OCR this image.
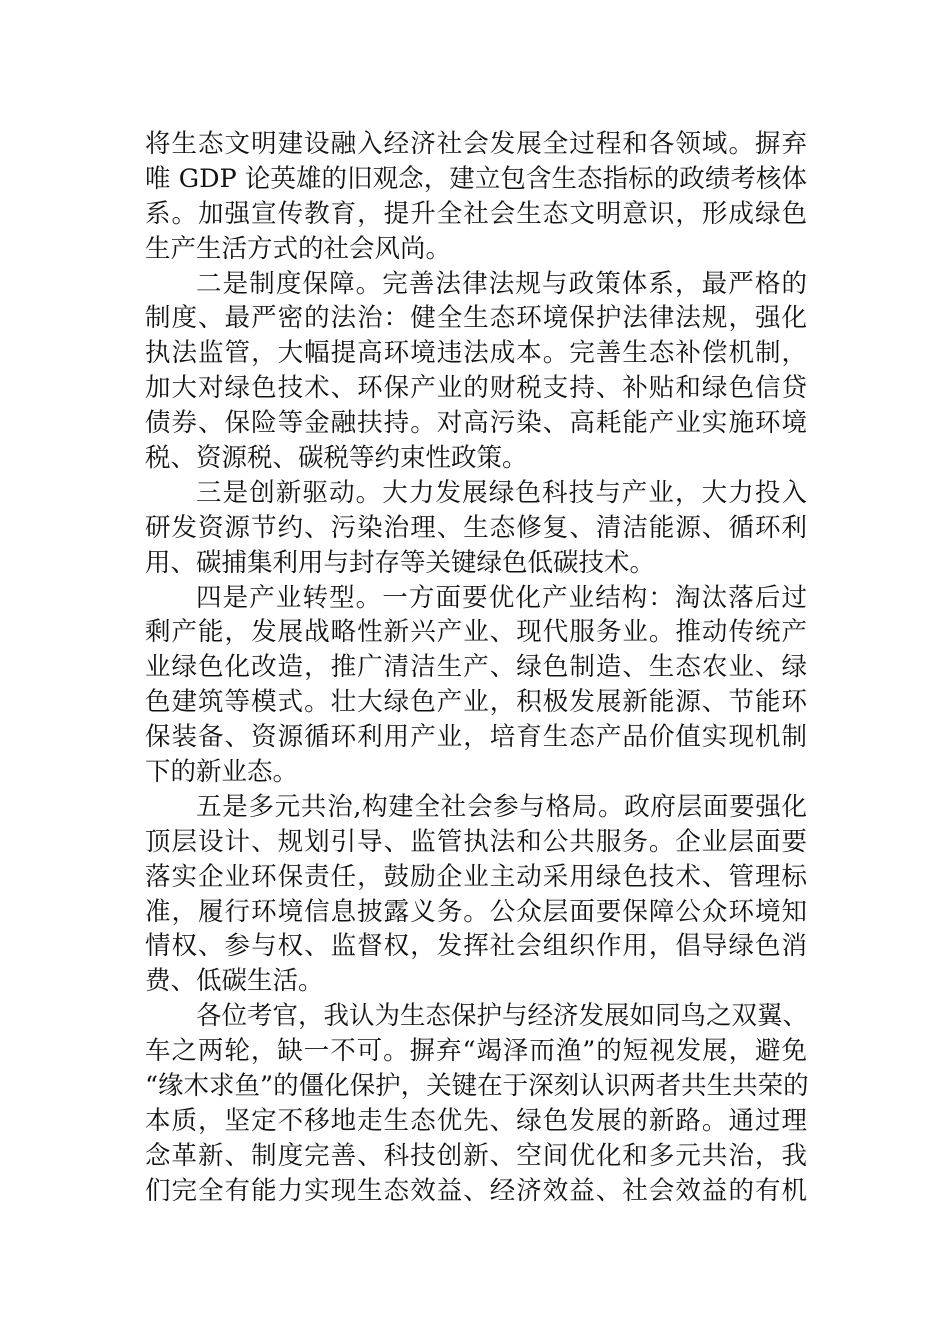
将生态文明建设融入经济社会发展全过程和各领域。摒弃
唯 GDP 论英雄的旧观念，建立包含生态指标的政绩考核体
系。加强宣传教育，提升全社会生态文明意识，形成绿色
生产生活方式的社会风尚。
二是制度保障。完善法律法规与政策体系，最严格的
制度、最严密的法治：健全生态环境保护法律法规，强化
执法监管，大幅提高环境违法成本。完善生态补偿机制，
加大对绿色技术、环保产业的财税支持、补贴和绿色信贷
债券、保险等金融扶持。对高污染、高耗能产业实施环境
税、资源税、碳税等约束性政策。
三是创新驱动。大力发展绿色科技与产业，大力投入
研发资源节约、污染治理、生态修复、清洁能源、循环利
用、碳捕集利用与封存等关键绿色低碳技术。
四是产业转型。一方面要优化产业结构：淘汰落后过
剩产能，发展战略性新兴产业、现代服务业。推动传统产
业绿色化改造，推广清洁生产、绿色制造、生态农业、绿
色建筑等模式。壮大绿色产业，积极发展新能源、节能环
保装备、资源循环利用产业，培育生态产品价值实现机制
下的新业态。
五是多元共治,构建全社会参与格局。政府层面要强化
顶层设计、规划引导、监管执法和公共服务。企业层面要
落实企业环保责任，鼓励企业主动采用绿色技术、管理标
准，履行环境信息披露义务。公众层面要保障公众环境知
情权、参与权、监督权，发挥社会组织作用，倡导绿色消
费、低碳生活。
各位考官，我认为生态保护与经济发展如同鸟之双翼、
车之两轮，缺一不可。摒弃“竭泽而渔”的短视发展，避免
“缘木求鱼”的僵化保护，关键在于深刻认识两者共生共荣的
本质，坚定不移地走生态优先、绿色发展的新路。通过理
念革新、制度完善、科技创新、空间优化和多元共治，我
们完全有能力实现生态效益、经济效益、社会效益的有机
